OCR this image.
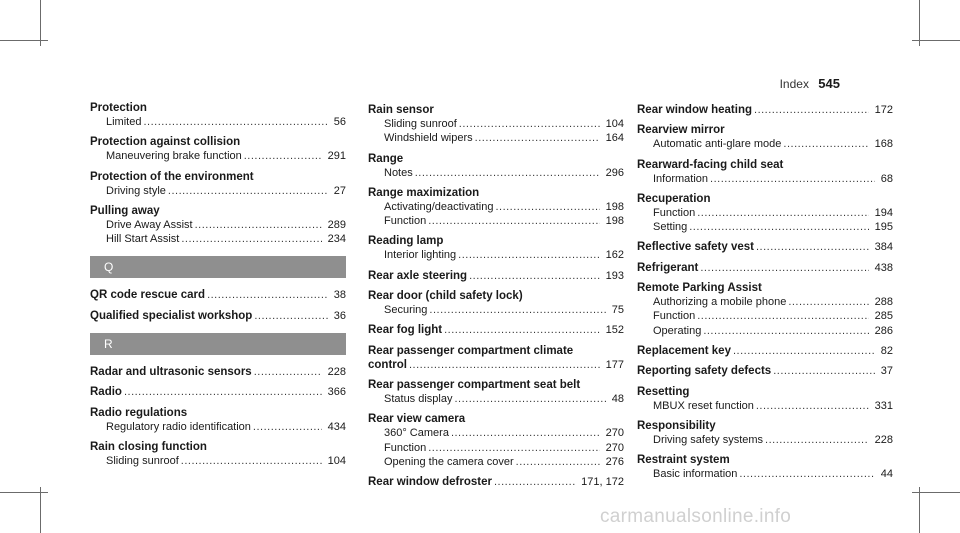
Index 545
Protection
Limited .....	56
Protection against collision
Maneuvering brake function .....	291
Protection of the environment
Driving style .....	27
Pulling away
Drive Away Assist .....	289
Hill Start Assist .....	234
Q
QR code rescue card .....	38
Qualified specialist workshop .....	36
R
Radar and ultrasonic sensors .....	228
Radio .....	366
Radio regulations
Regulatory radio identification .....	434
Rain closing function
Sliding sunroof .....	104
Rain sensor
Sliding sunroof .....	104
Windshield wipers .....	164
Range
Notes .....	296
Range maximization
Activating/deactivating .....	198
Function .....	198
Reading lamp
Interior lighting .....	162
Rear axle steering .....	193
Rear door (child safety lock)
Securing .....	75
Rear fog light .....	152
Rear passenger compartment climate
control .....	177
Rear passenger compartment seat belt
Status display .....	48
Rear view camera
360° Camera .....	270
Function .....	270
Opening the camera cover .....	276
Rear window defroster .....	171, 172
Rear window heating .....	172
Rearview mirror
Automatic anti-glare mode .....	168
Rearward-facing child seat
Information .....	68
Recuperation
Function .....	194
Setting .....	195
Reflective safety vest .....	384
Refrigerant .....	438
Remote Parking Assist
Authorizing a mobile phone .....	288
Function .....	285
Operating .....	286
Replacement key .....	82
Reporting safety defects .....	37
Resetting
MBUX reset function .....	331
Responsibility
Driving safety systems .....	228
Restraint system
Basic information .....	44
carmanualsonline.info
